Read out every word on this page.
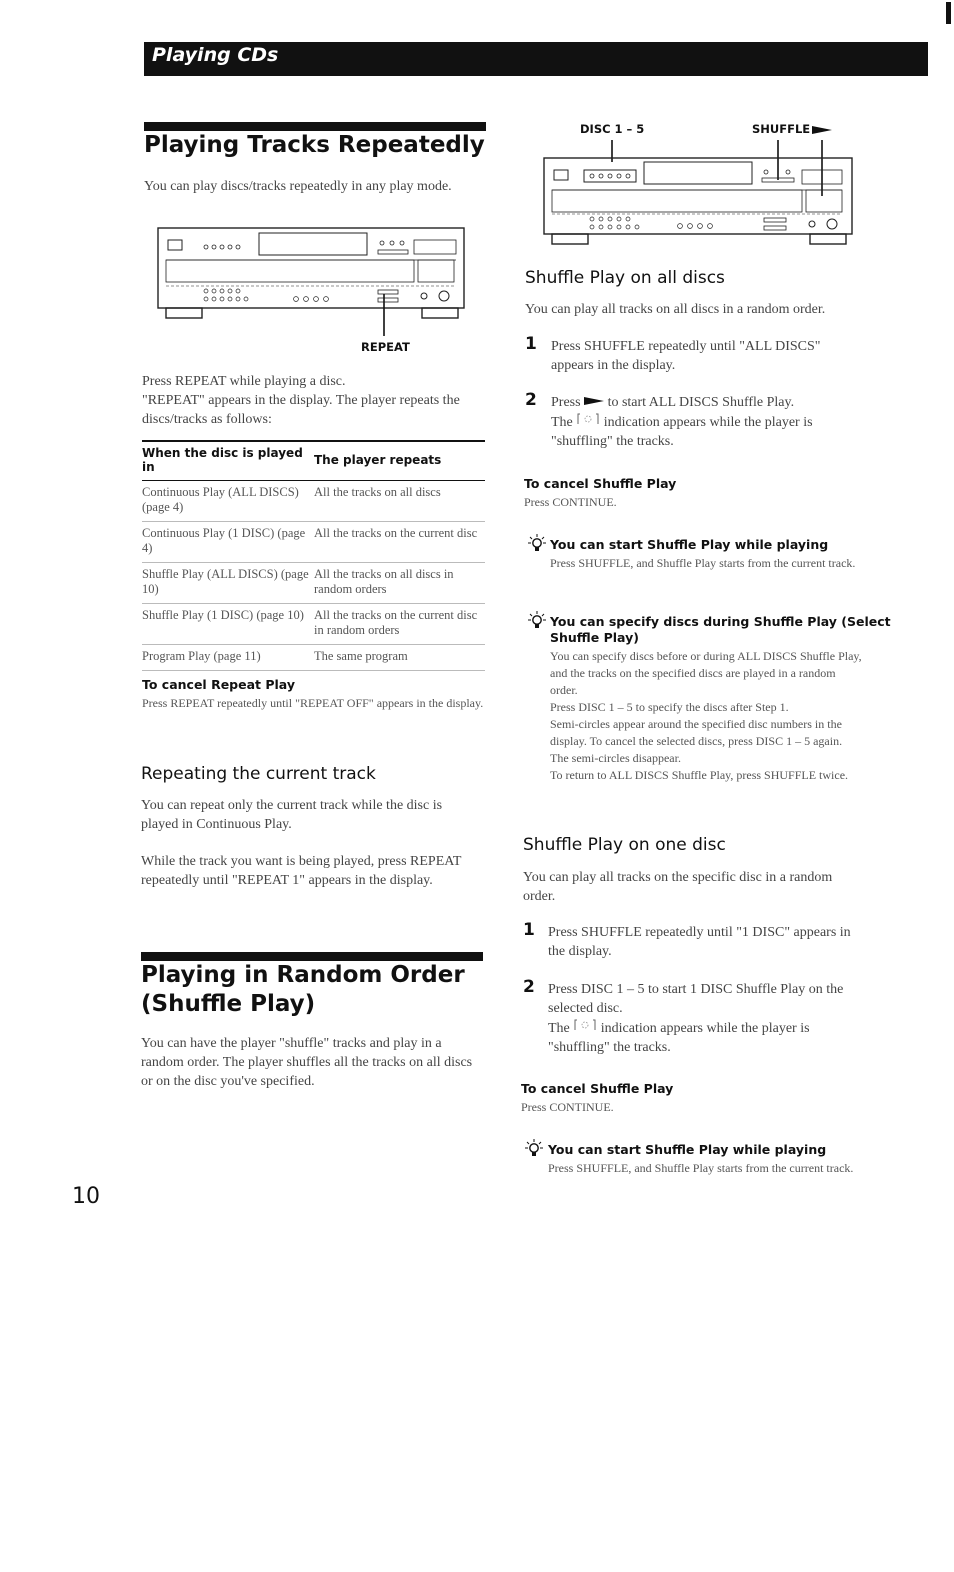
Playing CDs
Playing Tracks Repeatedly
You can play discs/tracks repeatedly in any play mode.
REPEAT
Press REPEAT while playing a disc.
"REPEAT" appears in the display. The player repeats the discs/tracks as follows:
When the disc is played in	The player repeats
Continuous Play (ALL DISCS) (page 4)	All the tracks on all discs
Continuous Play (1 DISC) (page 4)	All the tracks on the current disc
Shuffle Play (ALL DISCS) (page 10)	All the tracks on all discs in random orders
Shuffle Play (1 DISC) (page 10)	All the tracks on the current disc in random orders
Program Play (page 11)	The same program
To cancel Repeat Play
Press REPEAT repeatedly until "REPEAT OFF" appears in the display.
Repeating the current track
You can repeat only the current track while the disc is played in Continuous Play.
While the track you want is being played, press REPEAT repeatedly until "REPEAT 1" appears in the display.
Playing in Random Order
(Shuffle Play)
You can have the player "shuffle" tracks and play in a random order. The player shuffles all the tracks on all discs or on the disc you've specified.
10
DISC 1 – 5	SHUFFLE
Shuffle Play on all discs
You can play all tracks on all discs in a random order.
1 Press SHUFFLE repeatedly until "ALL DISCS" appears in the display.
2 Press to start ALL DISCS Shuffle Play.
The indication appears while the player is "shuffling" the tracks.
To cancel Shuffle Play
Press CONTINUE.
You can start Shuffle Play while playing
Press SHUFFLE, and Shuffle Play starts from the current track.
You can specify discs during Shuffle Play (Select
Shuffle Play)
You can specify discs before or during ALL DISCS Shuffle Play, and the tracks on the specified discs are played in a random order.
Press DISC 1 – 5 to specify the discs after Step 1.
Semi-circles appear around the specified disc numbers in the display. To cancel the selected discs, press DISC 1 – 5 again. The semi-circles disappear.
To return to ALL DISCS Shuffle Play, press SHUFFLE twice.
Shuffle Play on one disc
You can play all tracks on the specific disc in a random order.
1 Press SHUFFLE repeatedly until "1 DISC" appears in the display.
2 Press DISC 1 – 5 to start 1 DISC Shuffle Play on the selected disc.
The indication appears while the player is "shuffling" the tracks.
To cancel Shuffle Play
Press CONTINUE.
You can start Shuffle Play while playing
Press SHUFFLE, and Shuffle Play starts from the current track.
